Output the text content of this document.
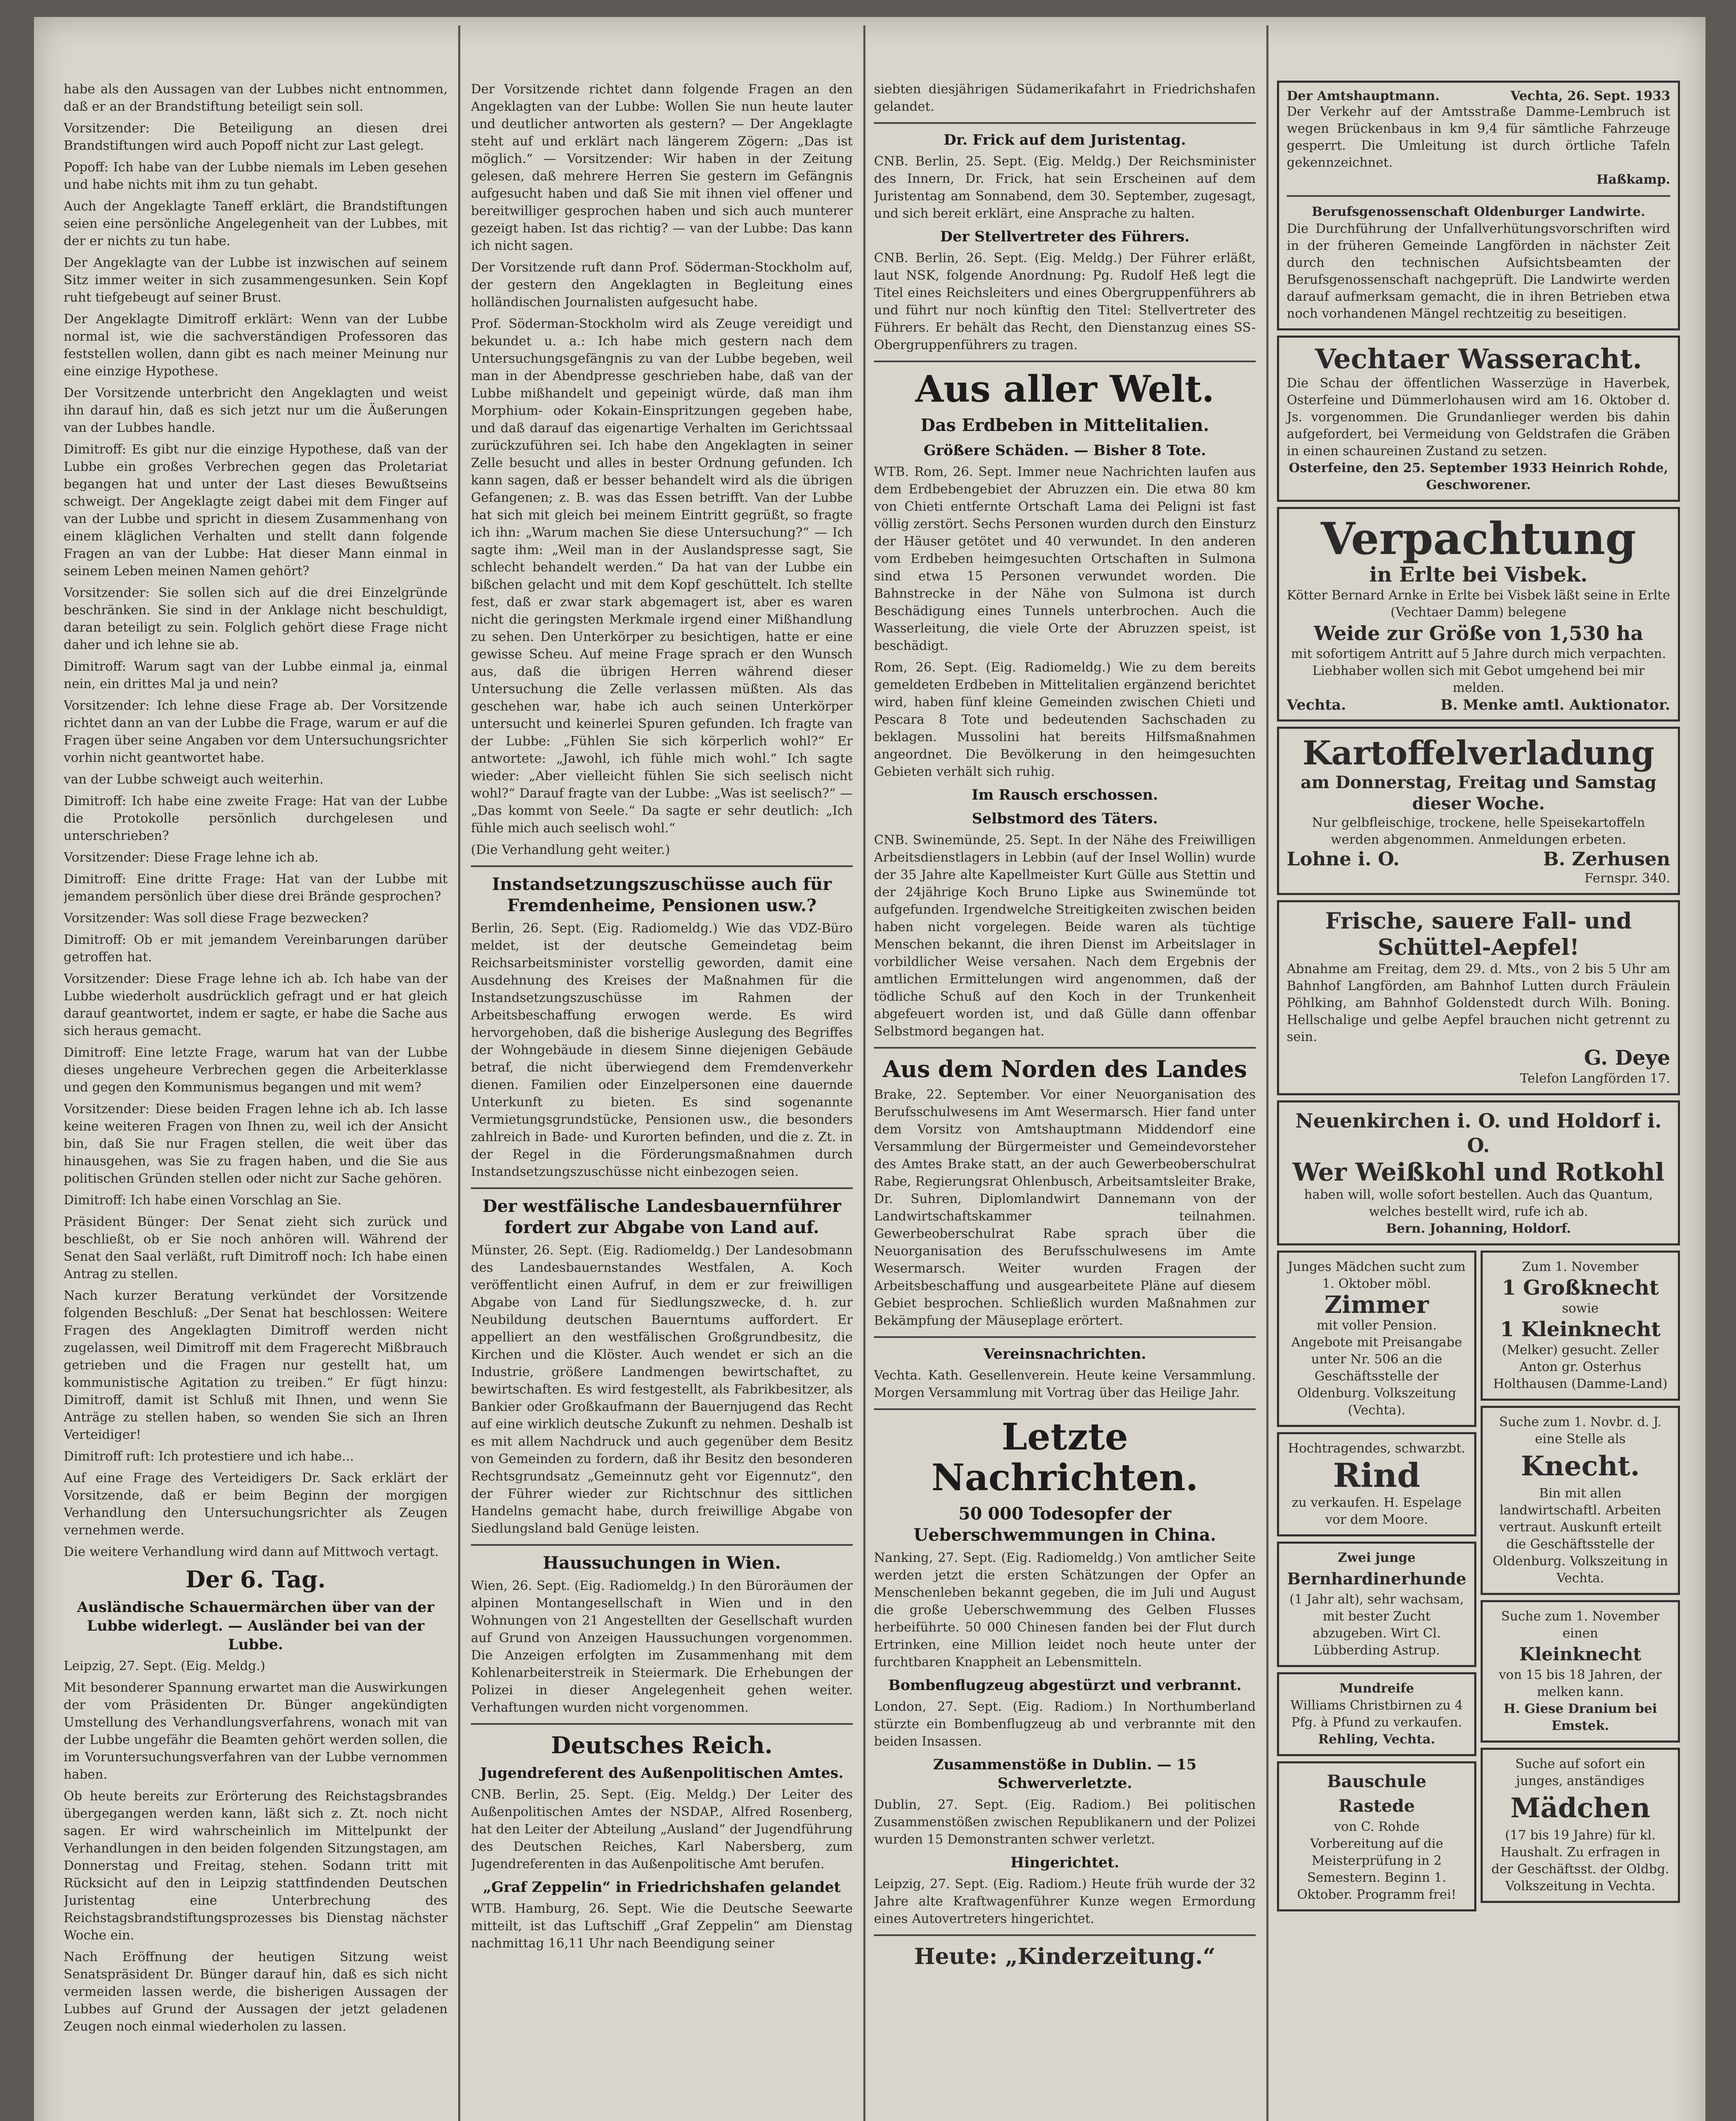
habe als den Aussagen van der Lubbes nicht entnommen, daß er an der Brandstiftung beteiligt sein soll.

Vorsitzender: Die Beteiligung an diesen drei Brandstiftungen wird auch Popoff nicht zur Last gelegt.

Popoff: Ich habe van der Lubbe niemals im Leben gesehen und habe nichts mit ihm zu tun gehabt.

Auch der Angeklagte Taneff erklärt, die Brandstiftungen seien eine persönliche Angelegenheit van der Lubbes, mit der er nichts zu tun habe.

Der Angeklagte van der Lubbe ist inzwischen auf seinem Sitz immer weiter in sich zusammengesunken. Sein Kopf ruht tiefgebeugt auf seiner Brust.

Der Angeklagte Dimitroff erklärt: Wenn van der Lubbe normal ist, wie die sachverständigen Professoren das feststellen wollen, dann gibt es nach meiner Meinung nur eine einzige Hypothese.

Der Vorsitzende unterbricht den Angeklagten und weist ihn darauf hin, daß es sich jetzt nur um die Äußerungen van der Lubbes handle.

Dimitroff: Es gibt nur die einzige Hypothese, daß van der Lubbe ein großes Verbrechen gegen das Proletariat begangen hat und unter der Last dieses Bewußtseins schweigt. Der Angeklagte zeigt dabei mit dem Finger auf van der Lubbe und spricht in diesem Zusammenhang von einem kläglichen Verhalten und stellt dann folgende Fragen an van der Lubbe: Hat dieser Mann einmal in seinem Leben meinen Namen gehört?

Vorsitzender: Sie sollen sich auf die drei Einzelgründe beschränken. Sie sind in der Anklage nicht beschuldigt, daran beteiligt zu sein. Folglich gehört diese Frage nicht daher und ich lehne sie ab.

Dimitroff: Warum sagt van der Lubbe einmal ja, einmal nein, ein drittes Mal ja und nein?

Vorsitzender: Ich lehne diese Frage ab. Der Vorsitzende richtet dann an van der Lubbe die Frage, warum er auf die Fragen über seine Angaben vor dem Untersuchungsrichter vorhin nicht geantwortet habe.

van der Lubbe schweigt auch weiterhin.

Dimitroff: Ich habe eine zweite Frage: Hat van der Lubbe die Protokolle persönlich durchgelesen und unterschrieben?

Vorsitzender: Diese Frage lehne ich ab.

Dimitroff: Eine dritte Frage: Hat van der Lubbe mit jemandem persönlich über diese drei Brände gesprochen?

Vorsitzender: Was soll diese Frage bezwecken?

Dimitroff: Ob er mit jemandem Vereinbarungen darüber getroffen hat.

Vorsitzender: Diese Frage lehne ich ab. Ich habe van der Lubbe wiederholt ausdrücklich gefragt und er hat gleich darauf geantwortet, indem er sagte, er habe die Sache aus sich heraus gemacht.

Dimitroff: Eine letzte Frage, warum hat van der Lubbe dieses ungeheure Verbrechen gegen die Arbeiterklasse und gegen den Kommunismus begangen und mit wem?

Vorsitzender: Diese beiden Fragen lehne ich ab. Ich lasse keine weiteren Fragen von Ihnen zu, weil ich der Ansicht bin, daß Sie nur Fragen stellen, die weit über das hinausgehen, was Sie zu fragen haben, und die Sie aus politischen Gründen stellen oder nicht zur Sache gehören.

Dimitroff: Ich habe einen Vorschlag an Sie.

Präsident Bünger: Der Senat zieht sich zurück und beschließt, ob er Sie noch anhören will. Während der Senat den Saal verläßt, ruft Dimitroff noch: Ich habe einen Antrag zu stellen.

Nach kurzer Beratung verkündet der Vorsitzende folgenden Beschluß: „Der Senat hat beschlossen: Weitere Fragen des Angeklagten Dimitroff werden nicht zugelassen, weil Dimitroff mit dem Fragerecht Mißbrauch getrieben und die Fragen nur gestellt hat, um kommunistische Agitation zu treiben.“ Er fügt hinzu: Dimitroff, damit ist Schluß mit Ihnen, und wenn Sie Anträge zu stellen haben, so wenden Sie sich an Ihren Verteidiger!

Dimitroff ruft: Ich protestiere und ich habe...

Auf eine Frage des Verteidigers Dr. Sack erklärt der Vorsitzende, daß er beim Beginn der morgigen Verhandlung den Untersuchungsrichter als Zeugen vernehmen werde.

Die weitere Verhandlung wird dann auf Mittwoch vertagt.

Der 6. Tag.
Ausländische Schauermärchen über van der Lubbe widerlegt. — Ausländer bei van der Lubbe.

Leipzig, 27. Sept. (Eig. Meldg.)

Mit besonderer Spannung erwartet man die Auswirkungen der vom Präsidenten Dr. Bünger angekündigten Umstellung des Verhandlungsverfahrens, wonach mit van der Lubbe ungefähr die Beamten gehört werden sollen, die im Voruntersuchungsverfahren van der Lubbe vernommen haben.

Ob heute bereits zur Erörterung des Reichstagsbrandes übergegangen werden kann, läßt sich z. Zt. noch nicht sagen. Er wird wahrscheinlich im Mittelpunkt der Verhandlungen in den beiden folgenden Sitzungstagen, am Donnerstag und Freitag, stehen. Sodann tritt mit Rücksicht auf den in Leipzig stattfindenden Deutschen Juristentag eine Unterbrechung des Reichstagsbrandstiftungsprozesses bis Dienstag nächster Woche ein.

Nach Eröffnung der heutigen Sitzung weist Senatspräsident Dr. Bünger darauf hin, daß es sich nicht vermeiden lassen werde, die bisherigen Aussagen der Lubbes auf Grund der Aussagen der jetzt geladenen Zeugen noch einmal wiederholen zu lassen.

Der Vorsitzende richtet dann folgende Fragen an den Angeklagten van der Lubbe: Wollen Sie nun heute lauter und deutlicher antworten als gestern? — Der Angeklagte steht auf und erklärt nach längerem Zögern: „Das ist möglich.“ — Vorsitzender: Wir haben in der Zeitung gelesen, daß mehrere Herren Sie gestern im Gefängnis aufgesucht haben und daß Sie mit ihnen viel offener und bereitwilliger gesprochen haben und sich auch munterer gezeigt haben. Ist das richtig? — van der Lubbe: Das kann ich nicht sagen.

Der Vorsitzende ruft dann Prof. Söderman-Stockholm auf, der gestern den Angeklagten in Begleitung eines holländischen Journalisten aufgesucht habe.

Prof. Söderman-Stockholm wird als Zeuge vereidigt und bekundet u. a.: Ich habe mich gestern nach dem Untersuchungsgefängnis zu van der Lubbe begeben, weil man in der Abendpresse geschrieben habe, daß van der Lubbe mißhandelt und gepeinigt würde, daß man ihm Morphium- oder Kokain-Einspritzungen gegeben habe, und daß darauf das eigenartige Verhalten im Gerichtssaal zurückzuführen sei. Ich habe den Angeklagten in seiner Zelle besucht und alles in bester Ordnung gefunden. Ich kann sagen, daß er besser behandelt wird als die übrigen Gefangenen; z. B. was das Essen betrifft. Van der Lubbe hat sich mit gleich bei meinem Eintritt gegrüßt, so fragte ich ihn: „Warum machen Sie diese Untersuchung?“ — Ich sagte ihm: „Weil man in der Auslandspresse sagt, Sie schlecht behandelt werden.“ Da hat van der Lubbe ein bißchen gelacht und mit dem Kopf geschüttelt. Ich stellte fest, daß er zwar stark abgemagert ist, aber es waren nicht die geringsten Merkmale irgend einer Mißhandlung zu sehen. Den Unterkörper zu besichtigen, hatte er eine gewisse Scheu. Auf meine Frage sprach er den Wunsch aus, daß die übrigen Herren während dieser Untersuchung die Zelle verlassen müßten. Als das geschehen war, habe ich auch seinen Unterkörper untersucht und keinerlei Spuren gefunden. Ich fragte van der Lubbe: „Fühlen Sie sich körperlich wohl?“ Er antwortete: „Jawohl, ich fühle mich wohl.“ Ich sagte wieder: „Aber vielleicht fühlen Sie sich seelisch nicht wohl?“ Darauf fragte van der Lubbe: „Was ist seelisch?“ — „Das kommt von Seele.“ Da sagte er sehr deutlich: „Ich fühle mich auch seelisch wohl.“

(Die Verhandlung geht weiter.)

Instandsetzungszuschüsse auch für Fremdenheime, Pensionen usw.?

Berlin, 26. Sept. (Eig. Radiomeldg.) Wie das VDZ-Büro meldet, ist der deutsche Gemeindetag beim Reichsarbeitsminister vorstellig geworden, damit eine Ausdehnung des Kreises der Maßnahmen für die Instandsetzungszuschüsse im Rahmen der Arbeitsbeschaffung erwogen werde. Es wird hervorgehoben, daß die bisherige Auslegung des Begriffes der Wohngebäude in diesem Sinne diejenigen Gebäude betraf, die nicht überwiegend dem Fremdenverkehr dienen. Familien oder Einzelpersonen eine dauernde Unterkunft zu bieten. Es sind sogenannte Vermietungsgrundstücke, Pensionen usw., die besonders zahlreich in Bade- und Kurorten befinden, und die z. Zt. in der Regel in die Förderungsmaßnahmen durch Instandsetzungszuschüsse nicht einbezogen seien.

Der westfälische Landesbauernführer fordert zur Abgabe von Land auf.

Münster, 26. Sept. (Eig. Radiomeldg.) Der Landesobmann des Landesbauernstandes Westfalen, A. Koch veröffentlicht einen Aufruf, in dem er zur freiwilligen Abgabe von Land für Siedlungszwecke, d. h. zur Neubildung deutschen Bauerntums auffordert. Er appelliert an den westfälischen Großgrundbesitz, die Kirchen und die Klöster. Auch wendet er sich an die Industrie, größere Landmengen bewirtschaftet, zu bewirtschaften. Es wird festgestellt, als Fabrikbesitzer, als Bankier oder Großkaufmann der Bauernjugend das Recht auf eine wirklich deutsche Zukunft zu nehmen. Deshalb ist es mit allem Nachdruck und auch gegenüber dem Besitz von Gemeinden zu fordern, daß ihr Besitz den besonderen Rechtsgrundsatz „Gemeinnutz geht vor Eigennutz“, den der Führer wieder zur Richtschnur des sittlichen Handelns gemacht habe, durch freiwillige Abgabe von Siedlungsland bald Genüge leisten.

Haussuchungen in Wien.

Wien, 26. Sept. (Eig. Radiomeldg.) In den Büroräumen der alpinen Montangesellschaft in Wien und in den Wohnungen von 21 Angestellten der Gesellschaft wurden auf Grund von Anzeigen Haussuchungen vorgenommen. Die Anzeigen erfolgten im Zusammenhang mit dem Kohlenarbeiterstreik in Steiermark. Die Erhebungen der Polizei in dieser Angelegenheit gehen weiter. Verhaftungen wurden nicht vorgenommen.

Deutsches Reich.
Jugendreferent des Außenpolitischen Amtes.

CNB. Berlin, 25. Sept. (Eig. Meldg.) Der Leiter des Außenpolitischen Amtes der NSDAP., Alfred Rosenberg, hat den Leiter der Abteilung „Ausland“ der Jugendführung des Deutschen Reiches, Karl Nabersberg, zum Jugendreferenten in das Außenpolitische Amt berufen.

„Graf Zeppelin“ in Friedrichshafen gelandet

WTB. Hamburg, 26. Sept. Wie die Deutsche Seewarte mitteilt, ist das Luftschiff „Graf Zeppelin“ am Dienstag nachmittag 16,11 Uhr nach Beendigung seiner

siebten diesjährigen Südamerikafahrt in Friedrichshafen gelandet.

Dr. Frick auf dem Juristentag.

CNB. Berlin, 25. Sept. (Eig. Meldg.) Der Reichsminister des Innern, Dr. Frick, hat sein Erscheinen auf dem Juristentag am Sonnabend, dem 30. September, zugesagt, und sich bereit erklärt, eine Ansprache zu halten.

Der Stellvertreter des Führers.

CNB. Berlin, 26. Sept. (Eig. Meldg.) Der Führer erläßt, laut NSK, folgende Anordnung: Pg. Rudolf Heß legt die Titel eines Reichsleiters und eines Obergruppenführers ab und führt nur noch künftig den Titel: Stellvertreter des Führers. Er behält das Recht, den Dienstanzug eines SS-Obergruppenführers zu tragen.

Aus aller Welt.
Das Erdbeben in Mittelitalien.
Größere Schäden. — Bisher 8 Tote.

WTB. Rom, 26. Sept. Immer neue Nachrichten laufen aus dem Erdbebengebiet der Abruzzen ein. Die etwa 80 km von Chieti entfernte Ortschaft Lama dei Peligni ist fast völlig zerstört. Sechs Personen wurden durch den Einsturz der Häuser getötet und 40 verwundet. In den anderen vom Erdbeben heimgesuchten Ortschaften in Sulmona sind etwa 15 Personen verwundet worden. Die Bahnstrecke in der Nähe von Sulmona ist durch Beschädigung eines Tunnels unterbrochen. Auch die Wasserleitung, die viele Orte der Abruzzen speist, ist beschädigt.

Rom, 26. Sept. (Eig. Radiomeldg.) Wie zu dem bereits gemeldeten Erdbeben in Mittelitalien ergänzend berichtet wird, haben fünf kleine Gemeinden zwischen Chieti und Pescara 8 Tote und bedeutenden Sachschaden zu beklagen. Mussolini hat bereits Hilfsmaßnahmen angeordnet. Die Bevölkerung in den heimgesuchten Gebieten verhält sich ruhig.

Im Rausch erschossen.
Selbstmord des Täters.

CNB. Swinemünde, 25. Sept. In der Nähe des Freiwilligen Arbeitsdienstlagers in Lebbin (auf der Insel Wollin) wurde der 35 Jahre alte Kapellmeister Kurt Gülle aus Stettin und der 24jährige Koch Bruno Lipke aus Swinemünde tot aufgefunden. Irgendwelche Streitigkeiten zwischen beiden haben nicht vorgelegen. Beide waren als tüchtige Menschen bekannt, die ihren Dienst im Arbeitslager in vorbildlicher Weise versahen. Nach dem Ergebnis der amtlichen Ermittelungen wird angenommen, daß der tödliche Schuß auf den Koch in der Trunkenheit abgefeuert worden ist, und daß Gülle dann offenbar Selbstmord begangen hat.

Aus dem Norden des Landes

Brake, 22. September. Vor einer Neuorganisation des Berufsschulwesens im Amt Wesermarsch. Hier fand unter dem Vorsitz von Amtshauptmann Middendorf eine Versammlung der Bürgermeister und Gemeindevorsteher des Amtes Brake statt, an der auch Gewerbeoberschulrat Rabe, Regierungsrat Ohlenbusch, Arbeitsamtsleiter Brake, Dr. Suhren, Diplomlandwirt Dannemann von der Landwirtschaftskammer teilnahmen. Gewerbeoberschulrat Rabe sprach über die Neuorganisation des Berufsschulwesens im Amte Wesermarsch. Weiter wurden Fragen der Arbeitsbeschaffung und ausgearbeitete Pläne auf diesem Gebiet besprochen. Schließlich wurden Maßnahmen zur Bekämpfung der Mäuseplage erörtert.

Vereinsnachrichten.

Vechta. Kath. Gesellenverein. Heute keine Versammlung. Morgen Versammlung mit Vortrag über das Heilige Jahr.

Letzte Nachrichten.
50 000 Todesopfer der Ueberschwemmungen in China.

Nanking, 27. Sept. (Eig. Radiomeldg.) Von amtlicher Seite werden jetzt die ersten Schätzungen der Opfer an Menschenleben bekannt gegeben, die im Juli und August die große Ueberschwemmung des Gelben Flusses herbeiführte. 50 000 Chinesen fanden bei der Flut durch Ertrinken, eine Million leidet noch heute unter der furchtbaren Knappheit an Lebensmitteln.

Bombenflugzeug abgestürzt und verbrannt.

London, 27. Sept. (Eig. Radiom.) In Northumberland stürzte ein Bombenflugzeug ab und verbrannte mit den beiden Insassen.

Zusammenstöße in Dublin. — 15 Schwerverletzte.

Dublin, 27. Sept. (Eig. Radiom.) Bei politischen Zusammenstößen zwischen Republikanern und der Polizei wurden 15 Demonstranten schwer verletzt.

Hingerichtet.

Leipzig, 27. Sept. (Eig. Radiom.) Heute früh wurde der 32 Jahre alte Kraftwagenführer Kunze wegen Ermordung eines Autovertreters hingerichtet.

Heute: „Kinderzeitung.“
Der Amtshauptmann.	Vechta, 26. Sept. 1933
Der Verkehr auf der Amtsstraße Damme-Lembruch ist wegen Brückenbaus in km 9,4 für sämtliche Fahrzeuge gesperrt. Die Umleitung ist durch örtliche Tafeln gekennzeichnet.
Haßkamp.
Berufsgenossenschaft Oldenburger Landwirte.
Die Durchführung der Unfallverhütungsvorschriften wird in der früheren Gemeinde Langförden in nächster Zeit durch den technischen Aufsichtsbeamten der Berufsgenossenschaft nachgeprüft. Die Landwirte werden darauf aufmerksam gemacht, die in ihren Betrieben etwa noch vorhandenen Mängel rechtzeitig zu beseitigen.
Vechtaer Wasseracht.
Die Schau der öffentlichen Wasserzüge in Haverbek, Osterfeine und Dümmerlohausen wird am 16. Oktober d. Js. vorgenommen. Die Grundanlieger werden bis dahin aufgefordert, bei Vermeidung von Geldstrafen die Gräben in einen schaureinen Zustand zu setzen.
Osterfeine, den 25. September 1933 Heinrich Rohde, Geschworener.
Verpachtung
in Erlte bei Visbek.
Kötter Bernard Arnke in Erlte bei Visbek läßt seine in Erlte (Vechtaer Damm) belegene
Weide zur Größe von 1,530 ha
mit sofortigem Antritt auf 5 Jahre durch mich verpachten. Liebhaber wollen sich mit Gebot umgehend bei mir melden.
Vechta.	B. Menke amtl. Auktionator.
Kartoffelverladung
am Donnerstag, Freitag und Samstag dieser Woche.
Nur gelbfleischige, trockene, helle Speisekartoffeln werden abgenommen. Anmeldungen erbeten.
Lohne i. O.	B. Zerhusen
Fernspr. 340.
Frische, sauere Fall- und Schüttel-Aepfel!
Abnahme am Freitag, dem 29. d. Mts., von 2 bis 5 Uhr am Bahnhof Langförden, am Bahnhof Lutten durch Fräulein Pöhlking, am Bahnhof Goldenstedt durch Wilh. Boning. Hellschalige und gelbe Aepfel brauchen nicht getrennt zu sein.
G. Deye
Telefon Langförden 17.
Neuenkirchen i. O. und Holdorf i. O.
Wer Weißkohl und Rotkohl
haben will, wolle sofort bestellen. Auch das Quantum, welches bestellt wird, rufe ich ab.
Bern. Johanning, Holdorf.
Junges Mädchen sucht zum 1. Oktober möbl.
Zimmer
mit voller Pension. Angebote mit Preisangabe unter Nr. 506 an die Geschäftsstelle der Oldenburg. Volkszeitung (Vechta).
Hochtragendes, schwarzbt.
Rind
zu verkaufen. H. Espelage vor dem Moore.
Zwei junge
Bernhardinerhunde
(1 Jahr alt), sehr wachsam, mit bester Zucht abzugeben. Wirt Cl. Lübberding Astrup.
Mundreife
Williams Christbirnen zu 4 Pfg. à Pfund zu verkaufen.
Rehling, Vechta.
Bauschule Rastede
von C. Rohde
Vorbereitung auf die Meisterprüfung in 2 Semestern. Beginn 1. Oktober. Programm frei!
Zum 1. November
1 Großknecht
sowie
1 Kleinknecht
(Melker) gesucht. Zeller Anton gr. Osterhus Holthausen (Damme-Land)
Suche zum 1. Novbr. d. J. eine Stelle als
Knecht.
Bin mit allen landwirtschaftl. Arbeiten vertraut. Auskunft erteilt die Geschäftsstelle der Oldenburg. Volkszeitung in Vechta.
Suche zum 1. November einen
Kleinknecht
von 15 bis 18 Jahren, der melken kann.
H. Giese Dranium bei Emstek.
Suche auf sofort ein junges, anständiges
Mädchen
(17 bis 19 Jahre) für kl. Haushalt. Zu erfragen in der Geschäftsst. der Oldbg. Volkszeitung in Vechta.
